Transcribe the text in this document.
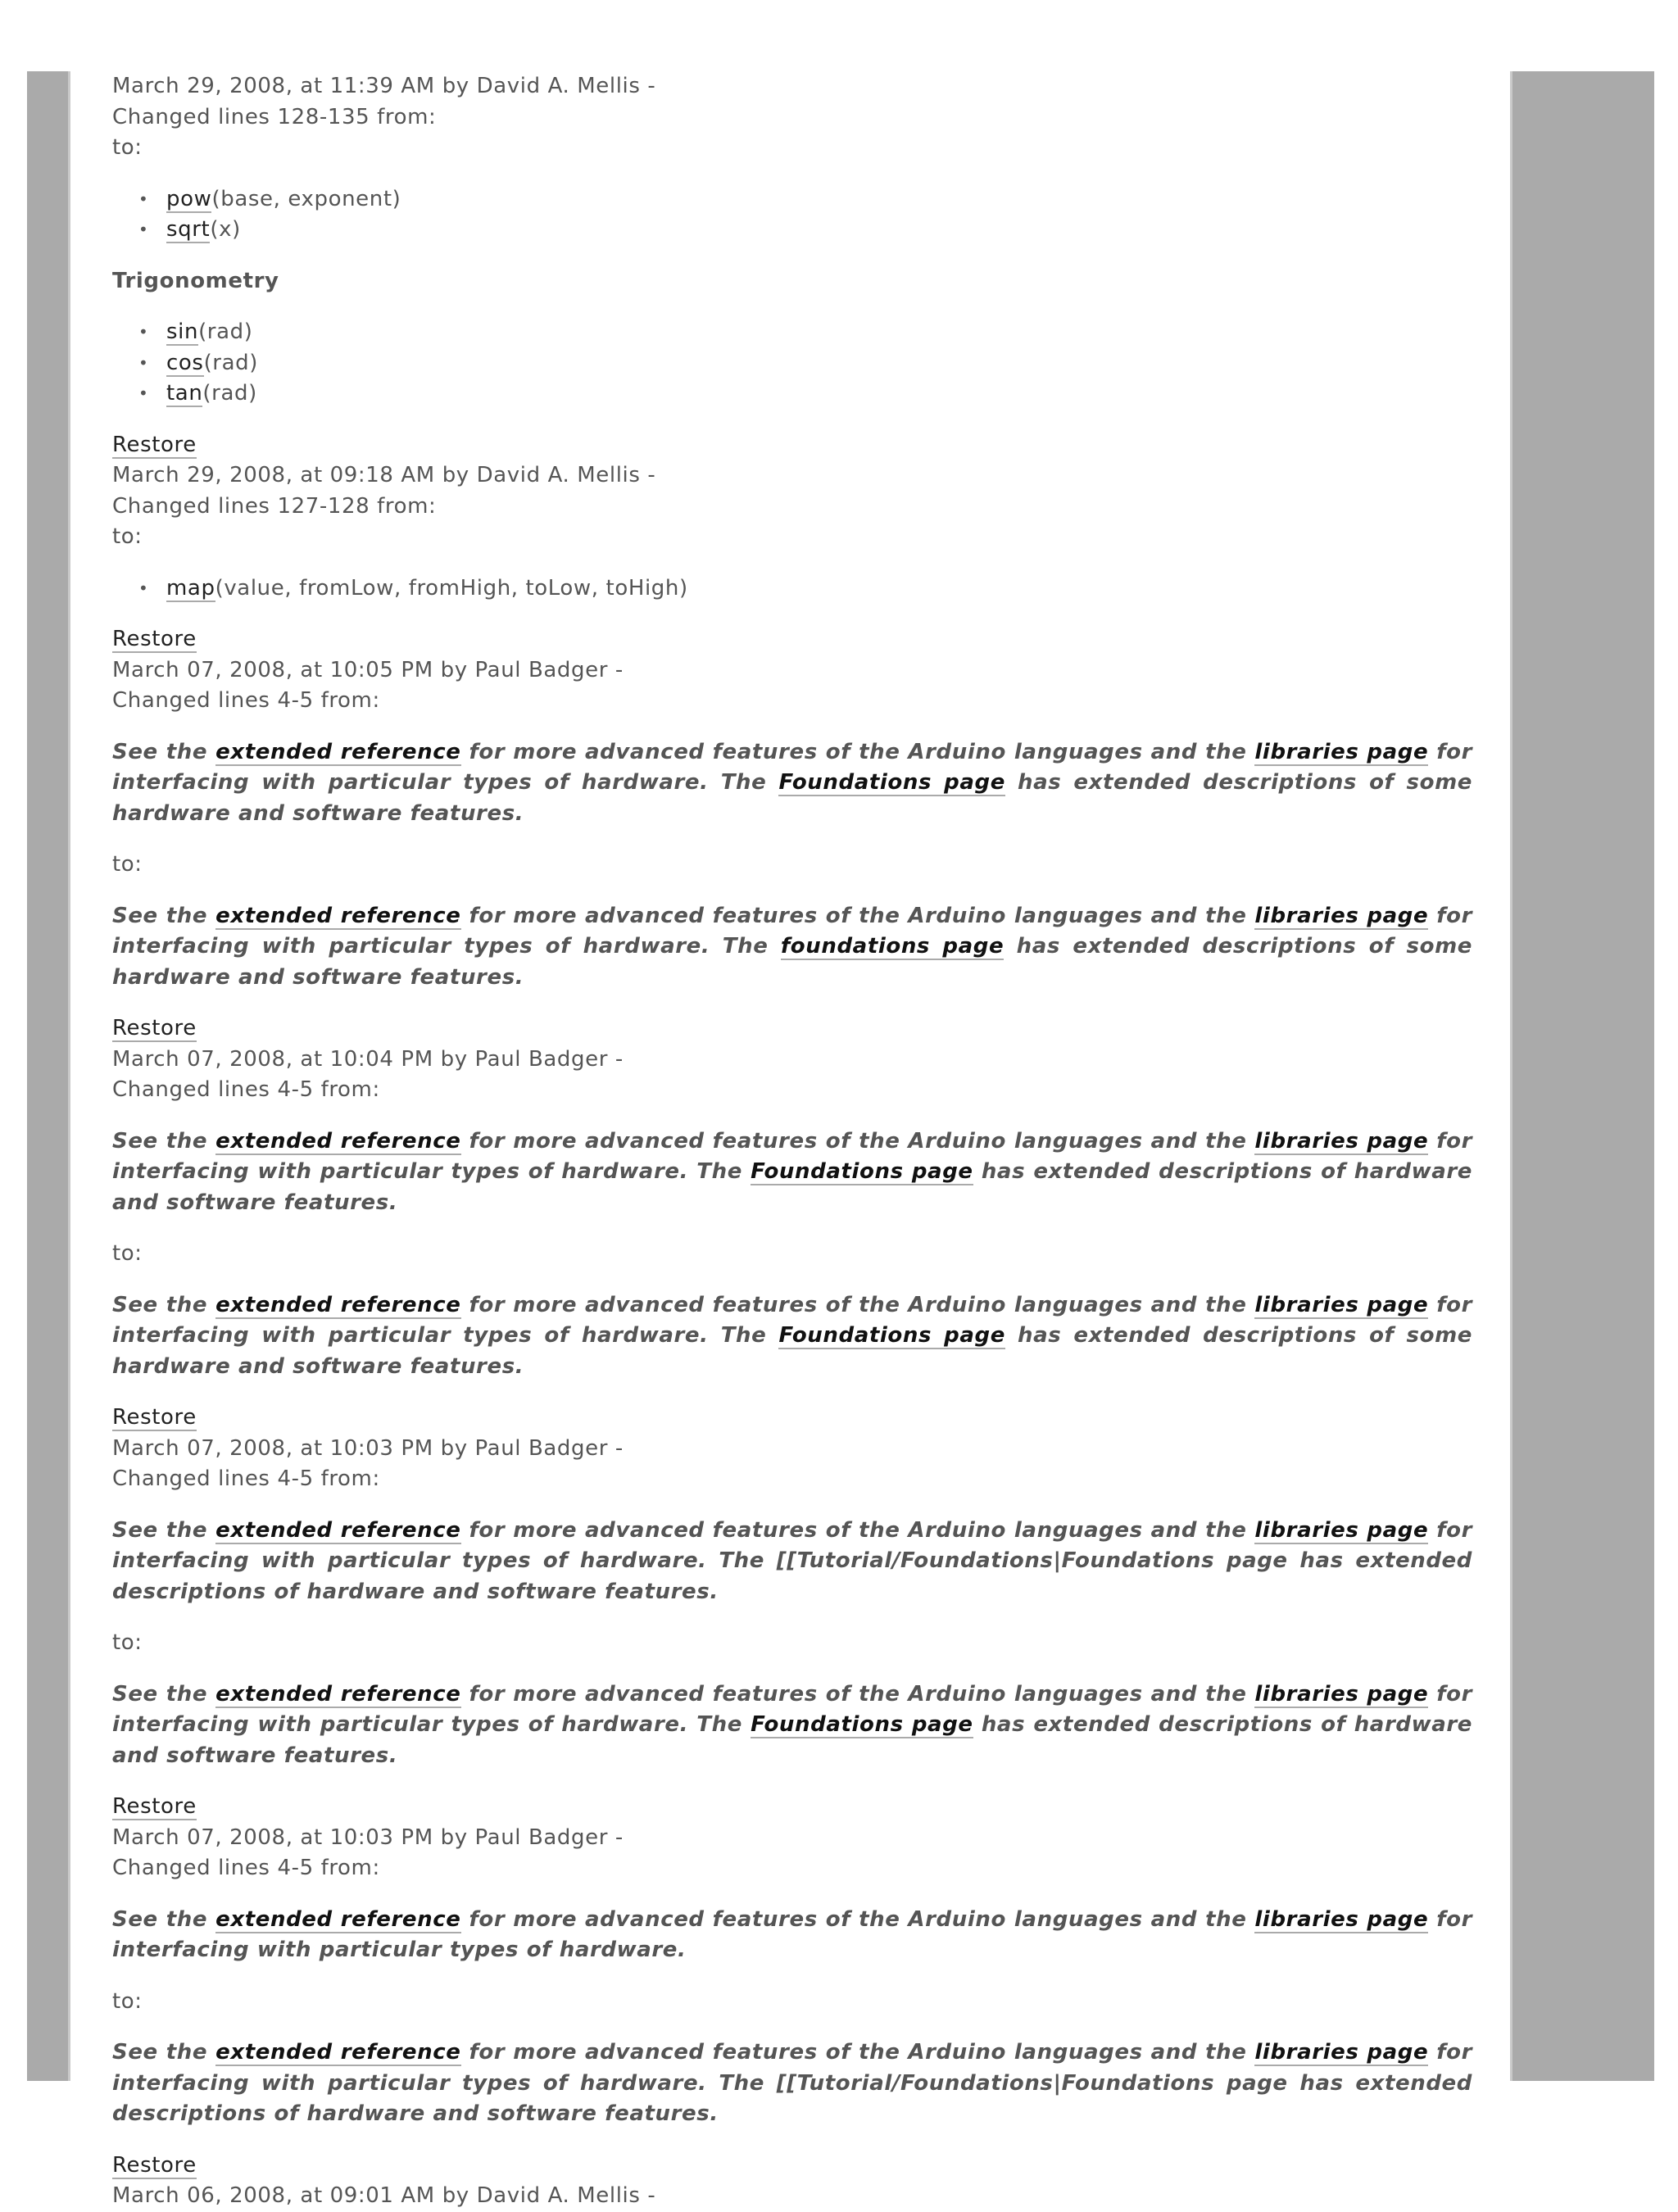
March 29, 2008, at 11:39 AM by David A. Mellis -
Changed lines 128-135 from:
to:
• pow(base, exponent)
• sqrt(x)
Trigonometry
• sin(rad)
• cos(rad)
• tan(rad)
Restore
March 29, 2008, at 09:18 AM by David A. Mellis -
Changed lines 127-128 from:
to:
• map(value, fromLow, fromHigh, toLow, toHigh)
Restore
March 07, 2008, at 10:05 PM by Paul Badger -
Changed lines 4-5 from:
See the extended reference for more advanced features of the Arduino languages and the libraries page for interfacing with particular types of hardware. The Foundations page has extended descriptions of some hardware and software features.
to:
See the extended reference for more advanced features of the Arduino languages and the libraries page for interfacing with particular types of hardware. The foundations page has extended descriptions of some hardware and software features.
Restore
March 07, 2008, at 10:04 PM by Paul Badger -
Changed lines 4-5 from:
See the extended reference for more advanced features of the Arduino languages and the libraries page for interfacing with particular types of hardware. The Foundations page has extended descriptions of hardware and software features.
to:
See the extended reference for more advanced features of the Arduino languages and the libraries page for interfacing with particular types of hardware. The Foundations page has extended descriptions of some hardware and software features.
Restore
March 07, 2008, at 10:03 PM by Paul Badger -
Changed lines 4-5 from:
See the extended reference for more advanced features of the Arduino languages and the libraries page for interfacing with particular types of hardware. The [[Tutorial/Foundations|Foundations page has extended descriptions of hardware and software features.
to:
See the extended reference for more advanced features of the Arduino languages and the libraries page for interfacing with particular types of hardware. The Foundations page has extended descriptions of hardware and software features.
Restore
March 07, 2008, at 10:03 PM by Paul Badger -
Changed lines 4-5 from:
See the extended reference for more advanced features of the Arduino languages and the libraries page for interfacing with particular types of hardware.
to:
See the extended reference for more advanced features of the Arduino languages and the libraries page for interfacing with particular types of hardware. The [[Tutorial/Foundations|Foundations page has extended descriptions of hardware and software features.
Restore
March 06, 2008, at 09:01 AM by David A. Mellis -
